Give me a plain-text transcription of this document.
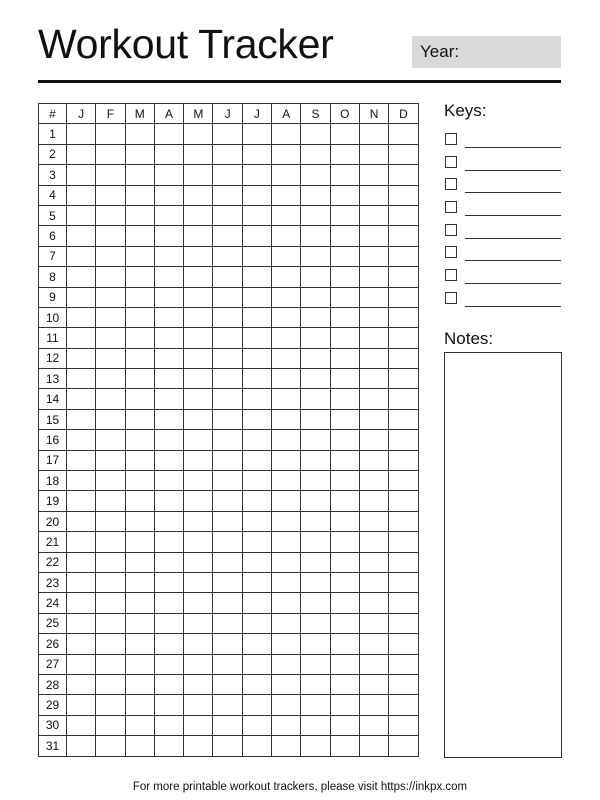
Workout Tracker	Year:
#	J	F	M	A	M	J	J	A	S	O	N	D
1												
2												
3												
4												
5												
6												
7												
8												
9												
10												
11												
12												
13												
14												
15												
16												
17												
18												
19												
20												
21												
22												
23												
24												
25												
26												
27												
28												
29												
30												
31												
Keys:
Notes:
For more printable workout trackers, please visit https://inkpx.com
